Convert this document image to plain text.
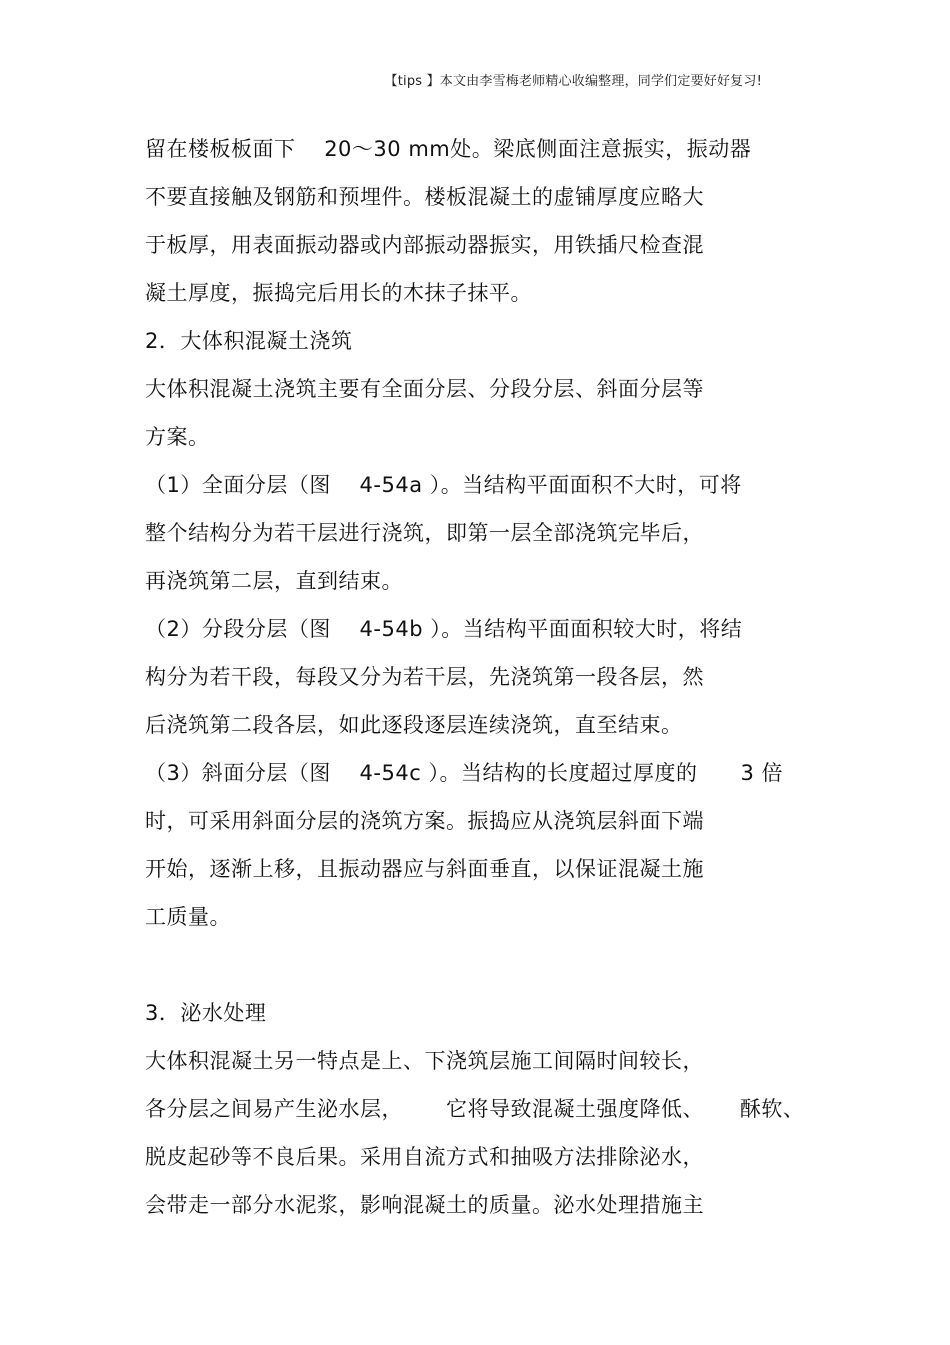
【tips 】本文由李雪梅老师精心收编整理，同学们定要好好复习!
留在楼板板面下    20～30 mm处。梁底侧面注意振实，振动器
不要直接触及钢筋和预埋件。楼板混凝土的虚铺厚度应略大
于板厚，用表面振动器或内部振动器振实，用铁插尺检查混
凝土厚度，振捣完后用长的木抹子抹平。
2．大体积混凝土浇筑
大体积混凝土浇筑主要有全面分层、分段分层、斜面分层等
方案。
（1）全面分层（图    4-54a ）。当结构平面面积不大时，可将
整个结构分为若干层进行浇筑，即第一层全部浇筑完毕后，
再浇筑第二层，直到结束。
（2）分段分层（图    4-54b ）。当结构平面面积较大时，将结
构分为若干段，每段又分为若干层，先浇筑第一段各层，然
后浇筑第二段各层，如此逐段逐层连续浇筑，直至结束。
（3）斜面分层（图    4-54c ）。当结构的长度超过厚度的      3 倍
时，可采用斜面分层的浇筑方案。振捣应从浇筑层斜面下端
开始，逐渐上移，且振动器应与斜面垂直，以保证混凝土施
工质量。
3．泌水处理
大体积混凝土另一特点是上、下浇筑层施工间隔时间较长，
各分层之间易产生泌水层，      它将导致混凝土强度降低、     酥软、
脱皮起砂等不良后果。采用自流方式和抽吸方法排除泌水，
会带走一部分水泥浆，影响混凝土的质量。泌水处理措施主
